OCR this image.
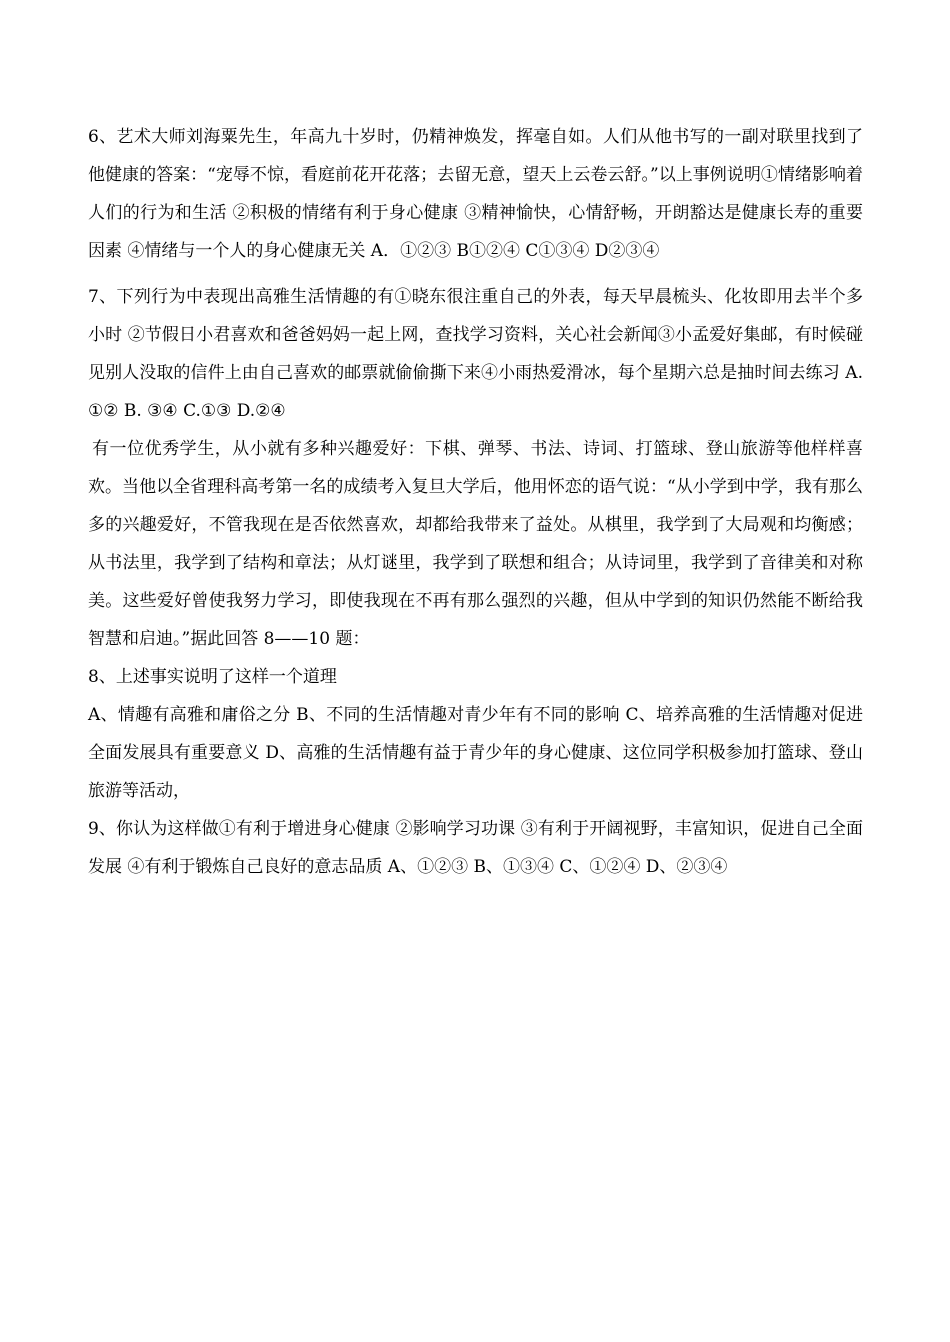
6、艺术大师刘海粟先生，年高九十岁时，仍精神焕发，挥毫自如。人们从他书写的一副对联里找到了他健康的答案：“宠辱不惊，看庭前花开花落；去留无意，望天上云卷云舒。”以上事例说明①情绪影响着人们的行为和生活 ②积极的情绪有利于身心健康 ③精神愉快，心情舒畅，开朗豁达是健康长寿的重要因素 ④情绪与一个人的身心健康无关 A．①②③ B①②④ C①③④ D②③④

7、下列行为中表现出高雅生活情趣的有①晓东很注重自己的外表，每天早晨梳头、化妆即用去半个多小时 ②节假日小君喜欢和爸爸妈妈一起上网，查找学习资料，关心社会新闻③小孟爱好集邮，有时候碰见别人没取的信件上由自己喜欢的邮票就偷偷撕下来④小雨热爱滑冰，每个星期六总是抽时间去练习 A. ①② B. ③④ C.①③ D.②④

有一位优秀学生，从小就有多种兴趣爱好：下棋、弹琴、书法、诗词、打篮球、登山旅游等他样样喜欢。当他以全省理科高考第一名的成绩考入复旦大学后，他用怀恋的语气说：“从小学到中学，我有那么多的兴趣爱好，不管我现在是否依然喜欢，却都给我带来了益处。从棋里，我学到了大局观和均衡感；从书法里，我学到了结构和章法；从灯谜里，我学到了联想和组合；从诗词里，我学到了音律美和对称美。这些爱好曾使我努力学习，即使我现在不再有那么强烈的兴趣，但从中学到的知识仍然能不断给我智慧和启迪。”据此回答 8——10 题：

8、上述事实说明了这样一个道理

A、情趣有高雅和庸俗之分 B、不同的生活情趣对青少年有不同的影响 C、培养高雅的生活情趣对促进全面发展具有重要意义 D、高雅的生活情趣有益于青少年的身心健康、这位同学积极参加打篮球、登山旅游等活动，

9、你认为这样做①有利于增进身心健康 ②影响学习功课 ③有利于开阔视野，丰富知识，促进自己全面发展 ④有利于锻炼自己良好的意志品质 A、①②③ B、①③④ C、①②④ D、②③④
